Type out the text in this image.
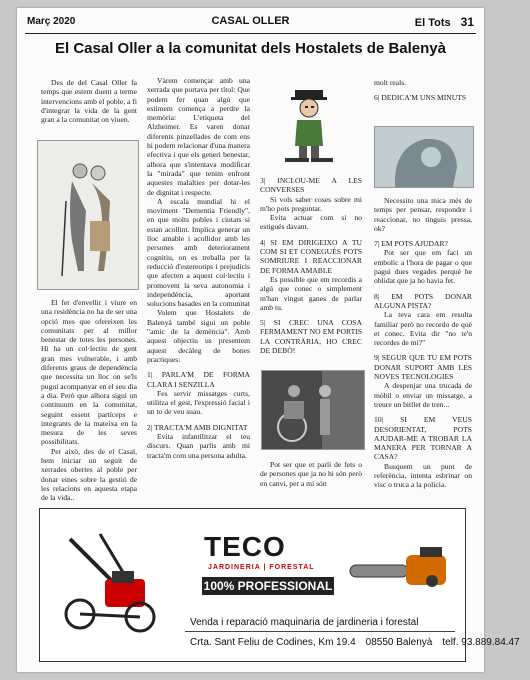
Març 2020	CASAL OLLER	El Tots 31
El Casal Oller a la comunitat dels Hostalets de Balenyà

Des de del Casal Oller fa temps que estem duent a terme intervencions amb el poble, a fi d'integrar la vida de la gent gran a la comunitat on viuen.

El fet d'envellir i viure en una residència no ha de ser una opció mes que ofereixen les comunitats per al millor benestar de totes les persones. Hi ha un col·lectiu de gent gran mes vulnerable, i amb diferents graus de dependència que necessita un lloc on se'ls pugui acompanyar en el seu dia a dia. Però que alhora sigui un continuum en la comunitat, seguint essent partíceps e integrants de la mateixa en la mesura de les seves possibilitats.

Per això, des de el Casal, hem iniciar un seguit de xerrades obertes al poble per donar eines sobre la gestió de les relacions en aquesta etapa de la vida..

Vàrem començar amb una xerrada que portava per títol: Que podem fer quan algú que estimem comença a perdre la memòria: L'etiqueta del Alzheimer. Es varen donar diferents pinzellades de com ens hi podem relacionar d'una manera efectiva i que els generi benestar, alhora que s'intentava modificar la "mirada" que tenim enfront aquestes malalties per dotar-les de dignitat i respecte.

A escala mundial hi el moviment "Dementia Friendly", en que molts pobles i ciutats si estan acollint. Implica generar un lloc amable i acollidor amb les persones amb deteriorament cognitiu, on es treballa per la reducció d'estereotips i prejudicis que afecten a aquest col·lectiu i promovent la seva autonomia i independència, aportant solucions basades en la comunitat

Volem que Hostalets de Balenyà també sigui un poble "amic de la demència". Amb aquest objectiu us presentem aquest decàleg de bones practiques:

1| PARLA'M DE FORMA CLARA I SENZILLA

Fes servir missatges curts, utilitza el gest, l'expressió facial i un to de veu suau.

2| TRACTA'M AMB DIGNITAT

Evita infantilitzar el teu discurs. Quan parlis amb mi tracta'm com una persona adulta.

3| INCLOU-ME A LES CONVERSES

Si vols saber coses sobre mi m'ho pots preguntar.

Evita actuar com si no estigués davant.

4| SI EM DIRIGEIXO A TU COM SI ET CONEGUÉS POTS SOMRIURE I REACCIONAR DE FORMA AMABLE

Es possible que em recordis a algú que conec o simplement m'han vingut ganes de parlar amb tu.

5| SI CREC UNA COSA FERMAMENT NO EM PORTIS LA CONTRÀRIA, HO CREC DE DEBÒ!

Pot ser que et parli de fets o de persones que ja no hi són però en canvi, per a mi són

molt reals.

6| DEDICA'M UNS MINUTS

Necessito una mica més de temps per pensar, respondre i reaccionar, no tinguis pressa, ok?

7| EM POTS AJUDAR?

Pot ser que em faci un embolic a l'hora de pagar o que pagui dues vegades perquè he oblidat que ja ho havia fet.

8| EM POTS DONAR ALGUNA PISTA?

La teva cara em resulta familiar però no recordo de què et conec. Evita dir "no te'n recordes de mi?"

9| SEGUR QUE TU EM POTS DONAR SUPORT AMB LES NOVES TECNOLOGIES

A despenjar una trucada de mòbil o enviar un missatge, a treure un bitllet de tren...

10| SI EM VEUS DESORIENTAT, POTS AJUDAR-ME A TROBAR LA MANERA PER TORNAR A CASA?

Busquem un punt de referència, intenta esbrinar on visc o truca a la policia.

TECO
JARDINERIA | FORESTAL
100% PROFESSIONAL
Venda i reparació maquinaria de jardineria i forestal
Crta. Sant Feliu de Codines, Km 19.4 08550 Balenyà telf. 93.889.84.47
